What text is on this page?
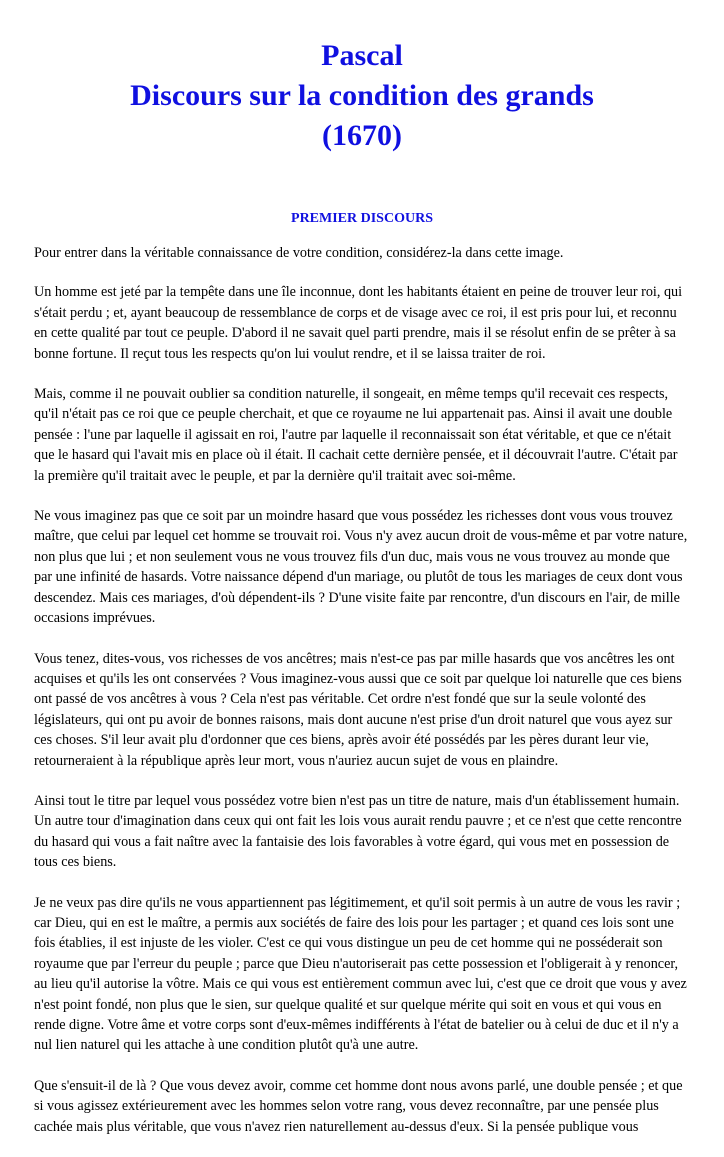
Pascal
Discours sur la condition des grands
(1670)
PREMIER DISCOURS

Pour entrer dans la véritable connaissance de votre condition, considérez-la dans cette image.

Un homme est jeté par la tempête dans une île inconnue, dont les habitants étaient en peine de trouver leur roi, qui s'était perdu ; et, ayant beaucoup de ressemblance de corps et de visage avec ce roi, il est pris pour lui, et reconnu en cette qualité par tout ce peuple. D'abord il ne savait quel parti prendre, mais il se résolut enfin de se prêter à sa bonne fortune. Il reçut tous les respects qu'on lui voulut rendre, et il se laissa traiter de roi.

Mais, comme il ne pouvait oublier sa condition naturelle, il songeait, en même temps qu'il recevait ces respects, qu'il n'était pas ce roi que ce peuple cherchait, et que ce royaume ne lui appartenait pas. Ainsi il avait une double pensée : l'une par laquelle il agissait en roi, l'autre par laquelle il reconnaissait son état véritable, et que ce n'était que le hasard qui l'avait mis en place où il était. Il cachait cette dernière pensée, et il découvrait l'autre. C'était par la première qu'il traitait avec le peuple, et par la dernière qu'il traitait avec soi-même.

Ne vous imaginez pas que ce soit par un moindre hasard que vous possédez les richesses dont vous vous trouvez maître, que celui par lequel cet homme se trouvait roi. Vous n'y avez aucun droit de vous-même et par votre nature, non plus que lui ; et non seulement vous ne vous trouvez fils d'un duc, mais vous ne vous trouvez au monde que par une infinité de hasards. Votre naissance dépend d'un mariage, ou plutôt de tous les mariages de ceux dont vous descendez. Mais ces mariages, d'où dépendent-ils ? D'une visite faite par rencontre, d'un discours en l'air, de mille occasions imprévues.

Vous tenez, dites-vous, vos richesses de vos ancêtres; mais n'est-ce pas par mille hasards que vos ancêtres les ont acquises et qu'ils les ont conservées ? Vous imaginez-vous aussi que ce soit par quelque loi naturelle que ces biens ont passé de vos ancêtres à vous ? Cela n'est pas véritable. Cet ordre n'est fondé que sur la seule volonté des législateurs, qui ont pu avoir de bonnes raisons, mais dont aucune n'est prise d'un droit naturel que vous ayez sur ces choses. S'il leur avait plu d'ordonner que ces biens, après avoir été possédés par les pères durant leur vie, retourneraient à la république après leur mort, vous n'auriez aucun sujet de vous en plaindre.

Ainsi tout le titre par lequel vous possédez votre bien n'est pas un titre de nature, mais d'un établissement humain. Un autre tour d'imagination dans ceux qui ont fait les lois vous aurait rendu pauvre ; et ce n'est que cette rencontre du hasard qui vous a fait naître avec la fantaisie des lois favorables à votre égard, qui vous met en possession de tous ces biens.

Je ne veux pas dire qu'ils ne vous appartiennent pas légitimement, et qu'il soit permis à un autre de vous les ravir ; car Dieu, qui en est le maître, a permis aux sociétés de faire des lois pour les partager ; et quand ces lois sont une fois établies, il est injuste de les violer. C'est ce qui vous distingue un peu de cet homme qui ne posséderait son royaume que par l'erreur du peuple ; parce que Dieu n'autoriserait pas cette possession et l'obligerait à y renoncer, au lieu qu'il autorise la vôtre. Mais ce qui vous est entièrement commun avec lui, c'est que ce droit que vous y avez n'est point fondé, non plus que le sien, sur quelque qualité et sur quelque mérite qui soit en vous et qui vous en rende digne. Votre âme et votre corps sont d'eux-mêmes indifférents à l'état de batelier ou à celui de duc et il n'y a nul lien naturel qui les attache à une condition plutôt qu'à une autre.

Que s'ensuit-il de là ? Que vous devez avoir, comme cet homme dont nous avons parlé, une double pensée ; et que si vous agissez extérieurement avec les hommes selon votre rang, vous devez reconnaître, par une pensée plus cachée mais plus véritable, que vous n'avez rien naturellement au-dessus d'eux. Si la pensée publique vous
